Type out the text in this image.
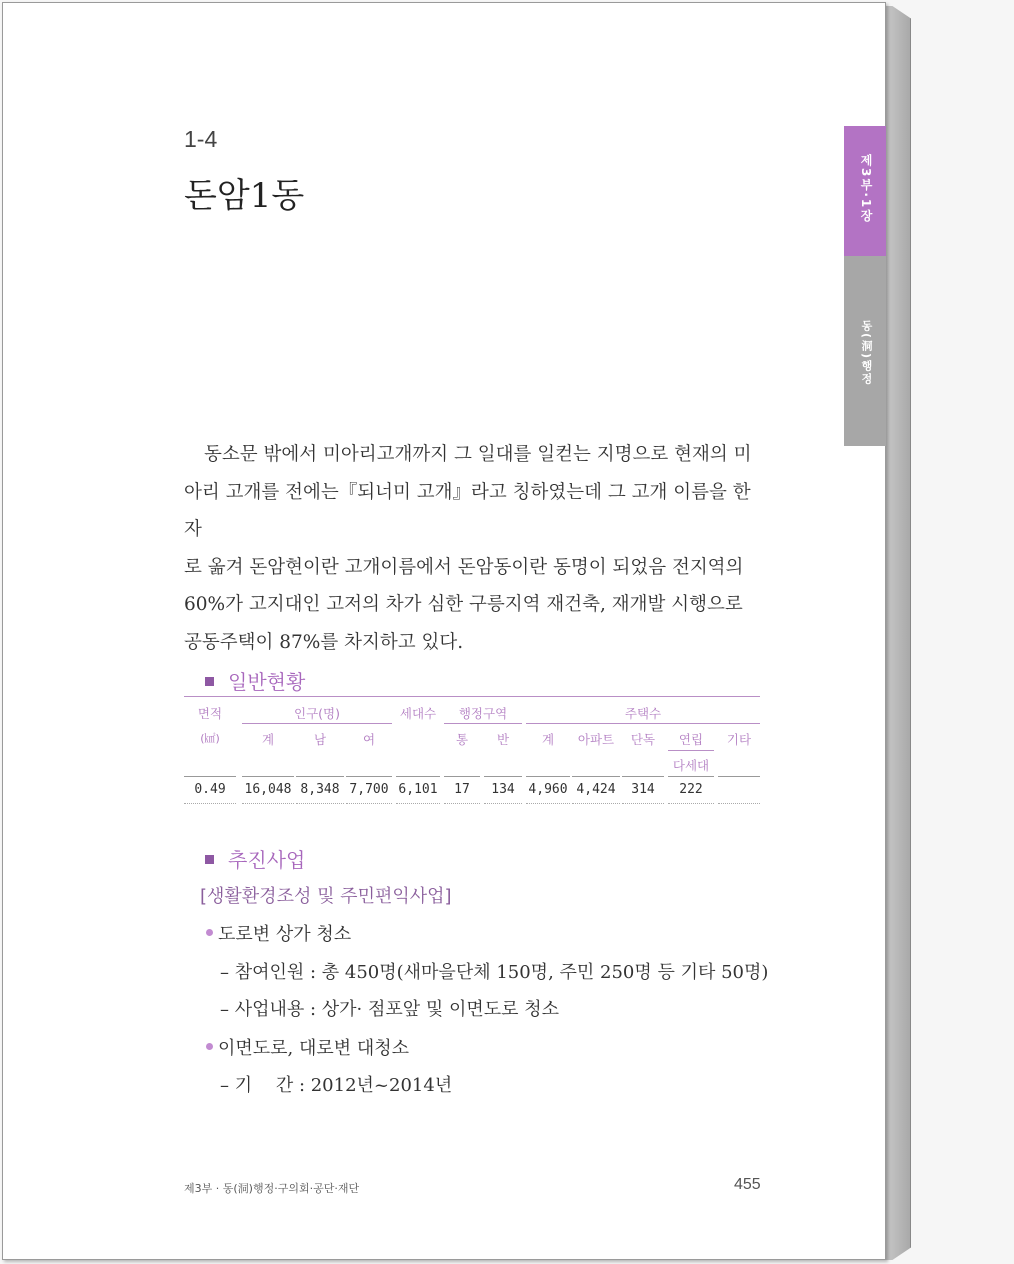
제3부·1장
동(洞)행정
1-4
돈암1동
동소문 밖에서 미아리고개까지 그 일대를 일컫는 지명으로 현재의 미
아리 고개를 전에는『되너미 고개』라고 칭하였는데 그 고개 이름을 한자
로 옮겨 돈암현이란 고개이름에서 돈암동이란 동명이 되었음 전지역의
60%가 고지대인 고저의 차가 심한 구릉지역 재건축, 재개발 시행으로
공동주택이 87%를 차지하고 있다.
일반현황
면적	인구(명)	세대수	행정구역	주택수
(㎢)	계	남	여	통	반	계	아파트	단독	연립	기타
다세대
0.49	16,048 8,348 7,700 6,101	17	134	4,960 4,424	314	222
추진사업
[생활환경조성 및 주민편익사업]
도로변 상가 청소
– 참여인원 : 총 450명(새마을단체 150명, 주민 250명 등 기타 50명)
– 사업내용 : 상가· 점포앞 및 이면도로 청소
이면도로, 대로변 대청소
– 기　 간 : 2012년~2014년
제3부 · 동(洞)행정·구의회·공단·재단	455
